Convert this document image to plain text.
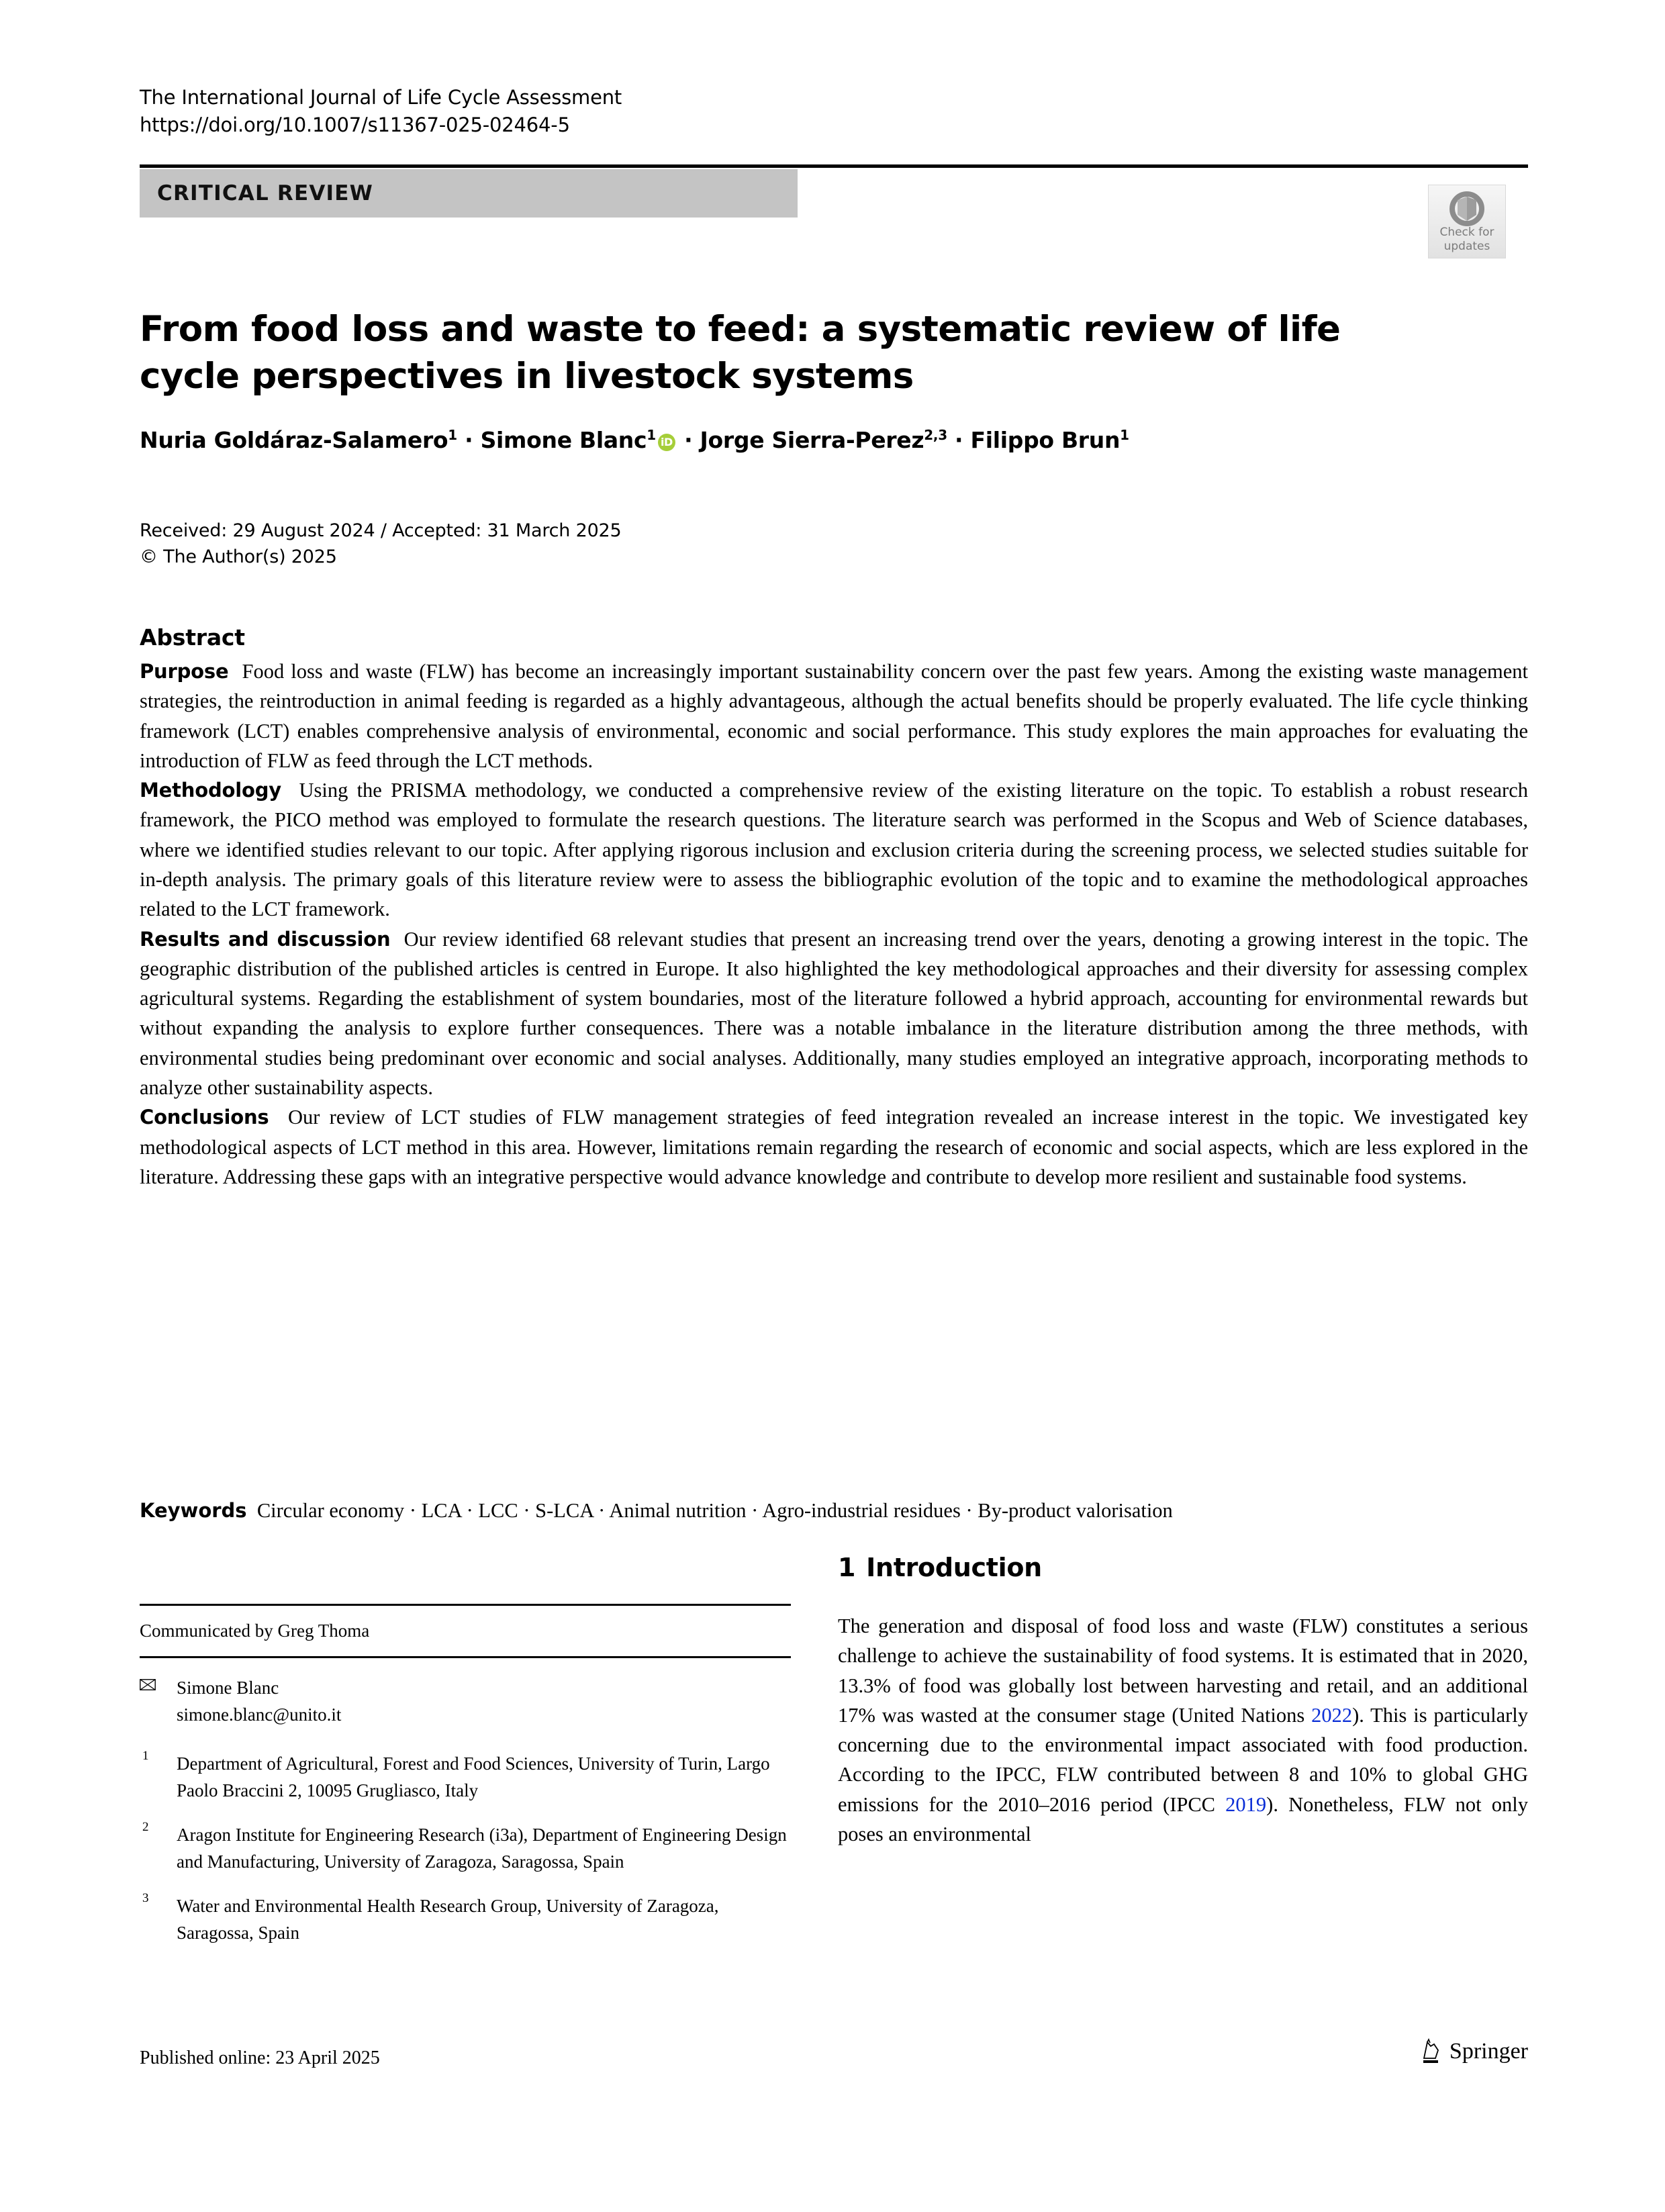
The International Journal of Life Cycle Assessment
https://doi.org/10.1007/s11367-025-02464-5
CRITICAL REVIEW
Check for
updates
From food loss and waste to feed: a systematic review of life cycle perspectives in livestock systems
Nuria Goldáraz-Salamero$^1$ · Simone Blanc$^1$ iD · Jorge Sierra-Perez$^{2,3}$ · Filippo Brun$^1$
Received: 29 August 2024 / Accepted: 31 March 2025
© The Author(s) 2025
Abstract

Purpose Food loss and waste (FLW) has become an increasingly important sustainability concern over the past few years. Among the existing waste management strategies, the reintroduction in animal feeding is regarded as a highly advantageous, although the actual benefits should be properly evaluated. The life cycle thinking framework (LCT) enables comprehensive analysis of environmental, economic and social performance. This study explores the main approaches for evaluating the introduction of FLW as feed through the LCT methods.

Methodology Using the PRISMA methodology, we conducted a comprehensive review of the existing literature on the topic. To establish a robust research framework, the PICO method was employed to formulate the research questions. The literature search was performed in the Scopus and Web of Science databases, where we identified studies relevant to our topic. After applying rigorous inclusion and exclusion criteria during the screening process, we selected studies suitable for in-depth analysis. The primary goals of this literature review were to assess the bibliographic evolution of the topic and to examine the methodological approaches related to the LCT framework.

Results and discussion Our review identified 68 relevant studies that present an increasing trend over the years, denoting a growing interest in the topic. The geographic distribution of the published articles is centred in Europe. It also highlighted the key methodological approaches and their diversity for assessing complex agricultural systems. Regarding the establishment of system boundaries, most of the literature followed a hybrid approach, accounting for environmental rewards but without expanding the analysis to explore further consequences. There was a notable imbalance in the literature distribution among the three methods, with environmental studies being predominant over economic and social analyses. Additionally, many studies employed an integrative approach, incorporating methods to analyze other sustainability aspects.

Conclusions Our review of LCT studies of FLW management strategies of feed integration revealed an increase interest in the topic. We investigated key methodological aspects of LCT method in this area. However, limitations remain regarding the research of economic and social aspects, which are less explored in the literature. Addressing these gaps with an integrative perspective would advance knowledge and contribute to develop more resilient and sustainable food systems.

Keywords Circular economy · LCA · LCC · S-LCA · Animal nutrition · Agro-industrial residues · By-product valorisation
Communicated by Greg Thoma
Simone Blanc
simone.blanc@unito.it
1 Department of Agricultural, Forest and Food Sciences, University of Turin, Largo Paolo Braccini 2, 10095 Grugliasco, Italy
2 Aragon Institute for Engineering Research (i3a), Department of Engineering Design and Manufacturing, University of Zaragoza, Saragossa, Spain
3 Water and Environmental Health Research Group, University of Zaragoza, Saragossa, Spain
1 Introduction

The generation and disposal of food loss and waste (FLW) constitutes a serious challenge to achieve the sustainability of food systems. It is estimated that in 2020, 13.3% of food was globally lost between harvesting and retail, and an additional 17% was wasted at the consumer stage (United Nations 2022). This is particularly concerning due to the environmental impact associated with food production. According to the IPCC, FLW contributed between 8 and 10% to global GHG emissions for the 2010–2016 period (IPCC 2019). Nonetheless, FLW not only poses an environmental

Published online: 23 April 2025	Springer
